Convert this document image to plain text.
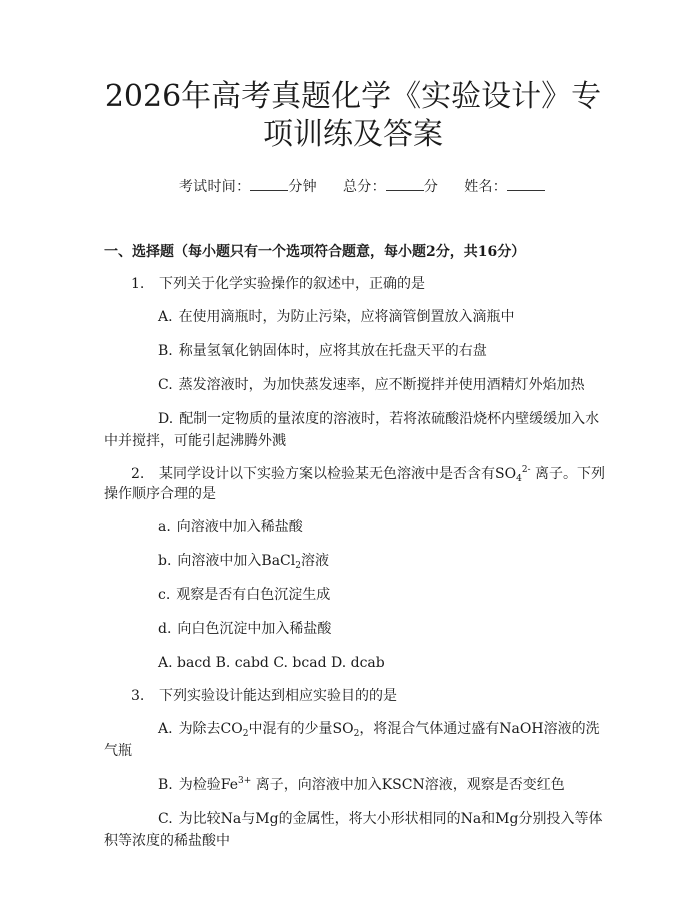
2026年高考真题化学《实验设计》专项训练及答案
考试时间：	分钟 总分：	分 姓名：
一、选择题（每小题只有一个选项符合题意，每小题2分，共16分）
1. 下列关于化学实验操作的叙述中，正确的是
A. 在使用滴瓶时，为防止污染，应将滴管倒置放入滴瓶中
B. 称量氢氧化钠固体时，应将其放在托盘天平的右盘
C. 蒸发溶液时，为加快蒸发速率，应不断搅拌并使用酒精灯外焰加热
D. 配制一定物质的量浓度的溶液时，若将浓硫酸沿烧杯内壁缓缓加入水中并搅拌，可能引起沸腾外溅
2. 某同学设计以下实验方案以检验某无色溶液中是否含有$SO_4^{2-}$ 离子。下列操作顺序合理的是
a. 向溶液中加入稀盐酸
b. 向溶液中加入BaCl$_2$溶液
c. 观察是否有白色沉淀生成
d. 向白色沉淀中加入稀盐酸
A. bacd B. cabd C. bcad D. dcab
3. 下列实验设计能达到相应实验目的的是
A. 为除去$CO_2$中混有的少量$SO_2$，将混合气体通过盛有NaOH溶液的洗气瓶
B. 为检验$Fe^{3+}$ 离子，向溶液中加入KSCN溶液，观察是否变红色
C. 为比较Na与Mg的金属性，将大小形状相同的Na和Mg分别投入等体积等浓度的稀盐酸中
